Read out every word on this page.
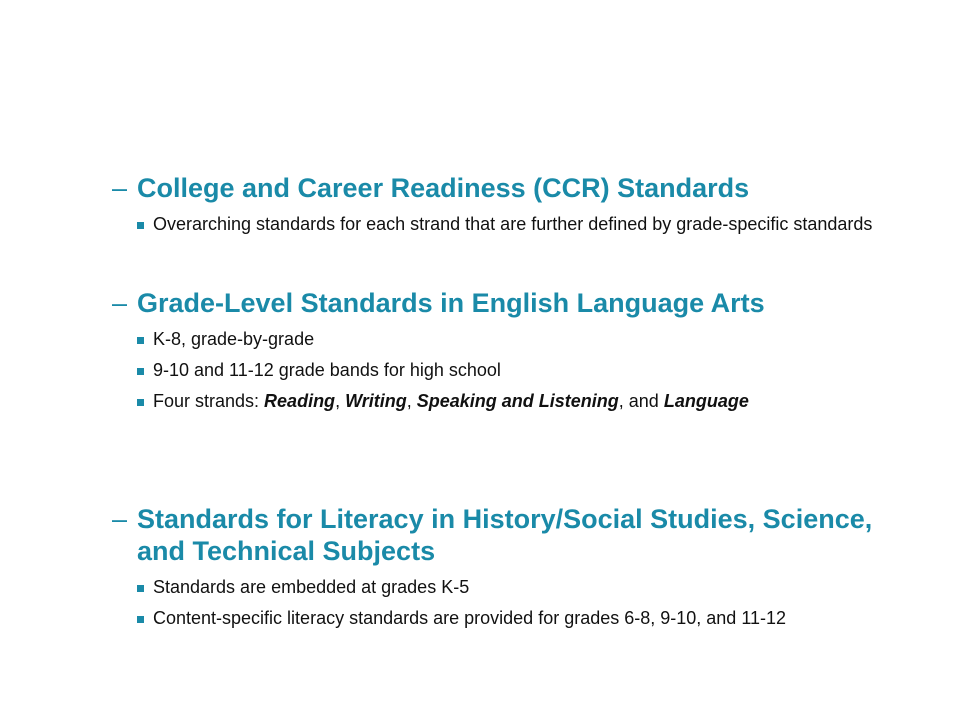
– College and Career Readiness (CCR) Standards
Overarching standards for each strand that are further defined by grade-specific standards
– Grade-Level Standards in English Language Arts
K-8, grade-by-grade
9-10 and 11-12 grade bands for high school
Four strands: Reading, Writing, Speaking and Listening, and Language
– Standards for Literacy in History/Social Studies, Science, and Technical Subjects
Standards are embedded at grades K-5
Content-specific literacy standards are provided for grades 6-8, 9-10, and 11-12
